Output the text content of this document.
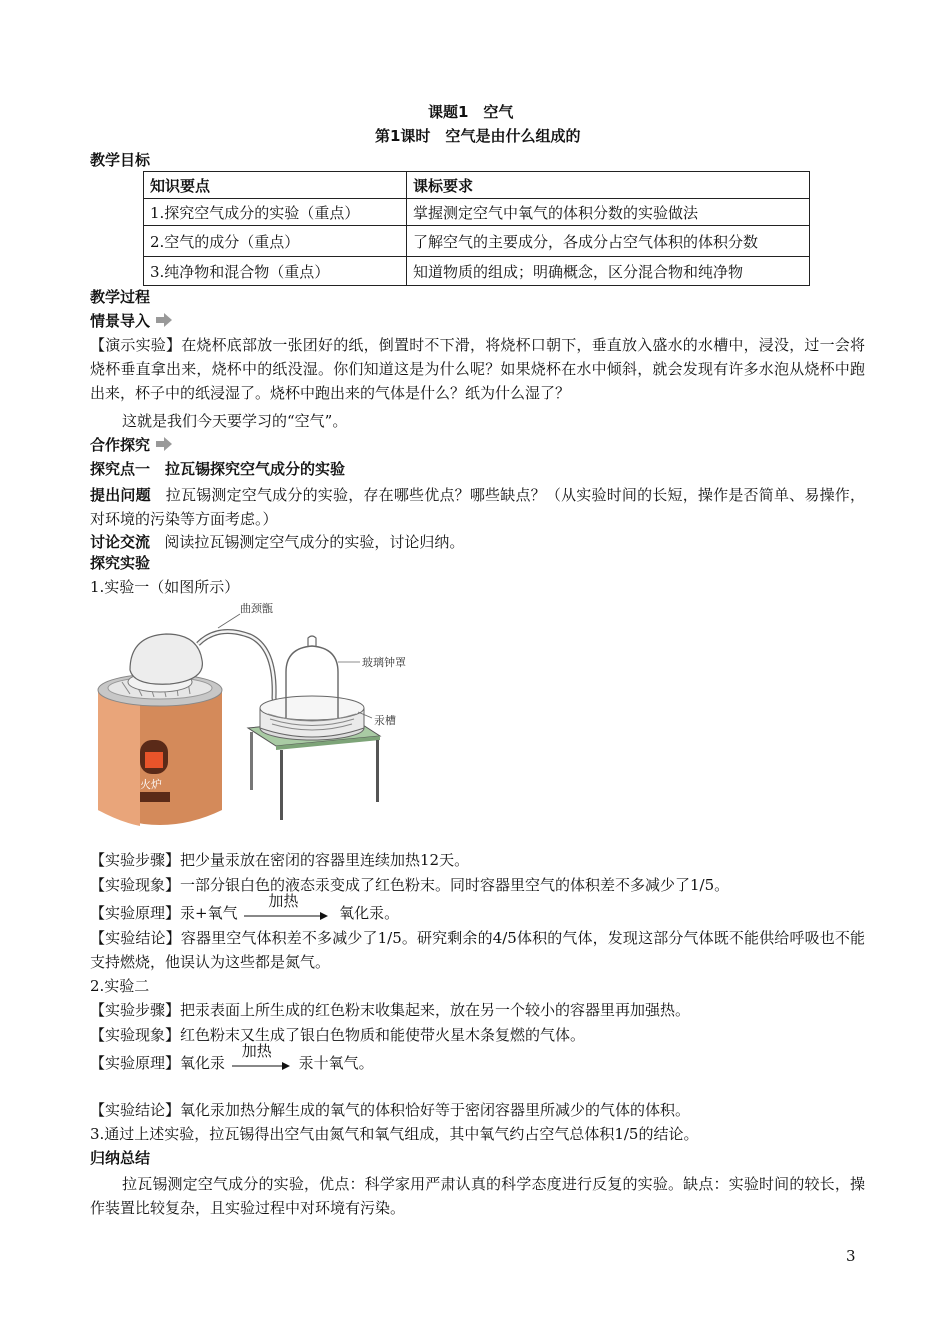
课题1　空气
第1课时　空气是由什么组成的
教学目标
知识要点	课标要求
1.探究空气成分的实验（重点）	掌握测定空气中氧气的体积分数的实验做法
2.空气的成分（重点）	了解空气的主要成分，各成分占空气体积的体积分数
3.纯净物和混合物（重点）	知道物质的组成；明确概念，区分混合物和纯净物
教学过程
情景导入
【演示实验】在烧杯底部放一张团好的纸，倒置时不下滑，将烧杯口朝下，垂直放入盛水的水槽中，浸没，过一会将烧杯垂直拿出来，烧杯中的纸没湿。你们知道这是为什么呢？如果烧杯在水中倾斜，就会发现有许多水泡从烧杯中跑出来，杯子中的纸浸湿了。烧杯中跑出来的气体是什么？纸为什么湿了？
这就是我们今天要学习的“空气”。
合作探究
探究点一　拉瓦锡探究空气成分的实验
提出问题 拉瓦锡测定空气成分的实验，存在哪些优点？哪些缺点？（从实验时间的长短，操作是否简单、易操作，对环境的污染等方面考虑。）
讨论交流 阅读拉瓦锡测定空气成分的实验，讨论归纳。
探究实验
1.实验一（如图所示）
曲颈甑
玻璃钟罩
汞槽
火炉
【实验步骤】把少量汞放在密闭的容器里连续加热12天。
【实验现象】一部分银白色的液态汞变成了红色粉末。同时容器里空气的体积差不多减少了1/5。
【实验原理】汞+氧气
加热
氧化汞。
【实验结论】容器里空气体积差不多减少了1/5。研究剩余的4/5体积的气体，发现这部分气体既不能供给呼吸也不能支持燃烧，他误认为这些都是氮气。
2.实验二
【实验步骤】把汞表面上所生成的红色粉末收集起来，放在另一个较小的容器里再加强热。
【实验现象】红色粉末又生成了银白色物质和能使带火星木条复燃的气体。
【实验原理】氧化汞
加热
汞十氧气。
【实验结论】氧化汞加热分解生成的氧气的体积恰好等于密闭容器里所减少的气体的体积。
3.通过上述实验，拉瓦锡得出空气由氮气和氧气组成，其中氧气约占空气总体积1/5的结论。
归纳总结
拉瓦锡测定空气成分的实验，优点：科学家用严肃认真的科学态度进行反复的实验。缺点：实验时间的较长，操作装置比较复杂，且实验过程中对环境有污染。
3
